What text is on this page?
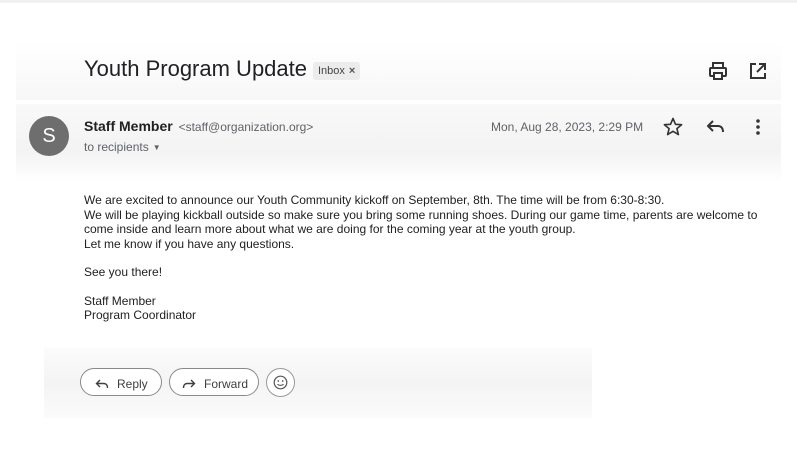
Youth Program Update	Inbox ×
S	Staff Member <staff@organization.org>
to recipients ▼
Mon, Aug 28, 2023, 2:29 PM

We are excited to announce our Youth Community kickoff on September, 8th. The time will be from 6:30-8:30.

We will be playing kickball outside so make sure you bring some running shoes. During our game time, parents are welcome to come inside and learn more about what we are doing for the coming year at the youth group.

Let me know if you have any questions.

See you there!

Staff Member

Program Coordinator

Reply	Forward
